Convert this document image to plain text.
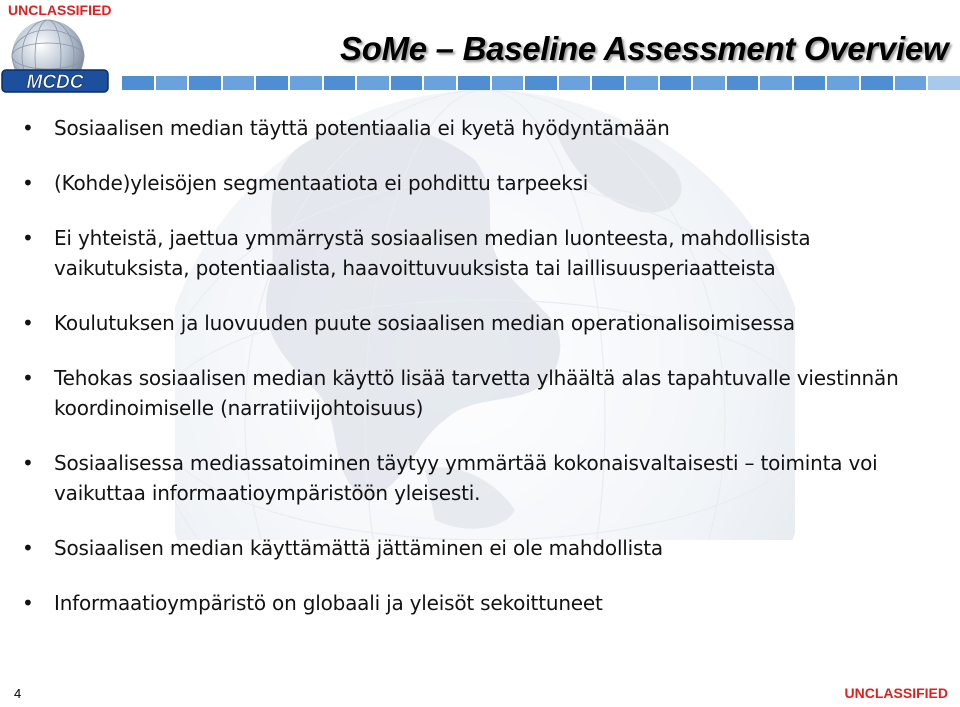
UNCLASSIFIED
MCDC
SoMe – Baseline Assessment Overview
• Sosiaalisen median täyttä potentiaalia ei kyetä hyödyntämään
• (Kohde)yleisöjen segmentaatiota ei pohdittu tarpeeksi
• Ei yhteistä, jaettua ymmärrystä sosiaalisen median luonteesta, mahdollisista vaikutuksista, potentiaalista, haavoittuvuuksista tai laillisuusperiaatteista
• Koulutuksen ja luovuuden puute sosiaalisen median operationalisoimisessa
• Tehokas sosiaalisen median käyttö lisää tarvetta ylhäältä alas tapahtuvalle viestinnän koordinoimiselle (narratiivijohtoisuus)
• Sosiaalisessa mediassatoiminen täytyy ymmärtää kokonaisvaltaisesti – toiminta voi vaikuttaa informaatioympäristöön yleisesti.
• Sosiaalisen median käyttämättä jättäminen ei ole mahdollista
• Informaatioympäristö on globaali ja yleisöt sekoittuneet
4	UNCLASSIFIED
